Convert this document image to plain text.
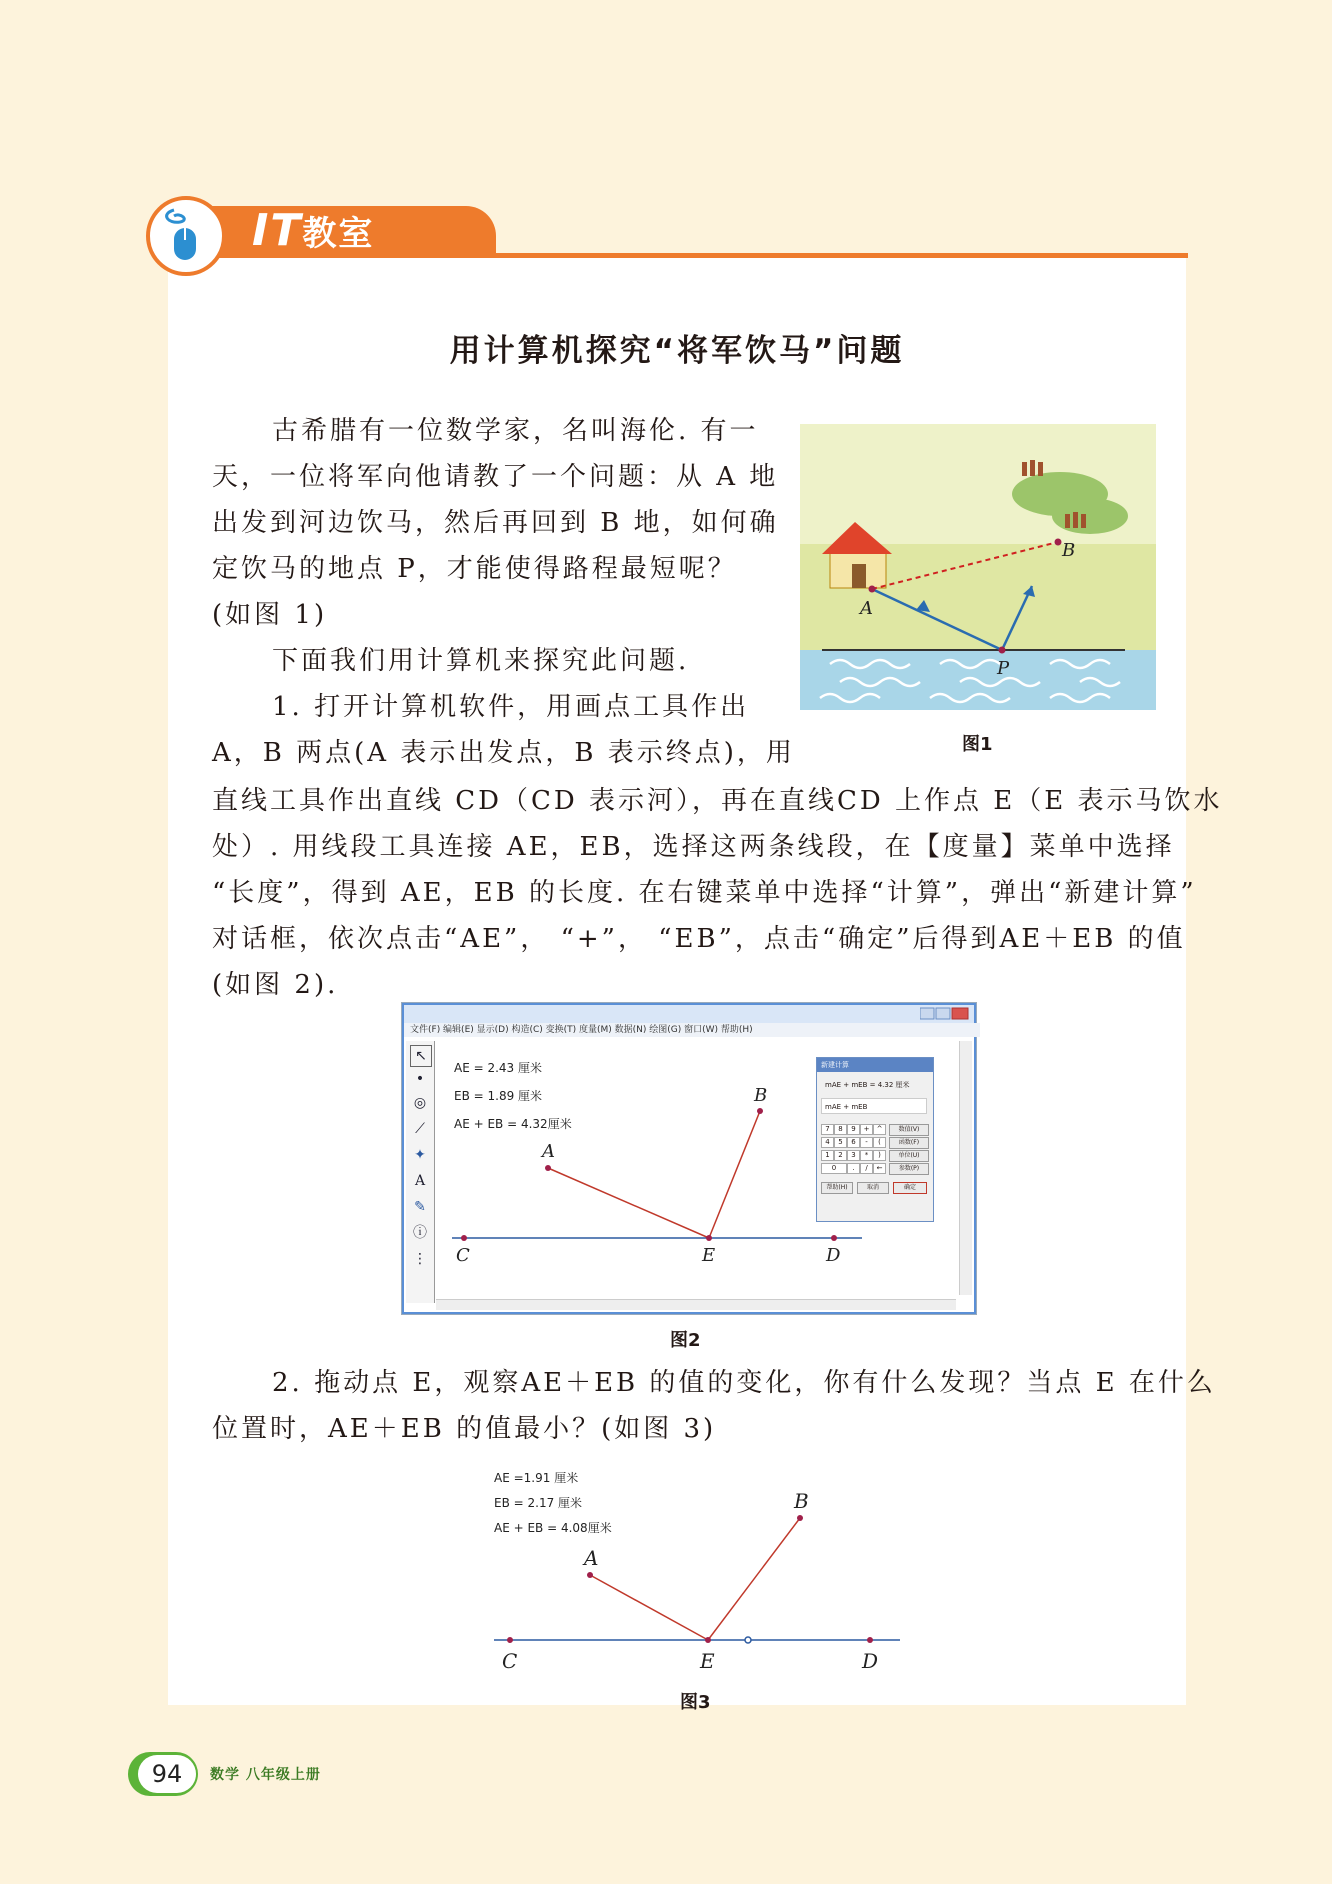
IT教室
用计算机探究“将军饮马”问题
古希腊有一位数学家，名叫海伦. 有一
天，一位将军向他请教了一个问题：从 A 地
出发到河边饮马，然后再回到 B 地，如何确
定饮马的地点 P，才能使得路程最短呢？
(如图 1)
下面我们用计算机来探究此问题.
1. 打开计算机软件，用画点工具作出
A，B 两点(A 表示出发点，B 表示终点)，用
A
B
P
图1
直线工具作出直线 CD（CD 表示河），再在直线CD 上作点 E（E 表示马饮水
处）. 用线段工具连接 AE，EB，选择这两条线段，在【度量】菜单中选择
“长度”，得到 AE，EB 的长度. 在右键菜单中选择“计算”，弹出“新建计算”
对话框，依次点击“AE”， “+”， “EB”，点击“确定”后得到AE＋EB 的值
(如图 2).
文件(F) 编辑(E) 显示(D) 构造(C) 变换(T) 度量(M) 数据(N) 绘图(G) 窗口(W) 帮助(H)
↖
•
◎
⟋
✦
A
✎
ⓘ
⋮
AE = 2.43 厘米
EB = 1.89 厘米
AE + EB = 4.32厘米
A
B
C	E	D
新建计算
mAE + mEB = 4.32 厘米
mAE + mEB
7	8	9	+	^
4	5	6	-	(
1	2	3	*	)
0	.	/	←
数值(V)
函数(F)
单位(U)
参数(P)
帮助(H)	取消	确定
图2
2. 拖动点 E，观察AE＋EB 的值的变化，你有什么发现？当点 E 在什么
位置时，AE＋EB 的值最小？(如图 3)
AE =1.91 厘米
EB = 2.17 厘米
AE + EB = 4.08厘米
A
B
C	E	D
图3
94	数学 八年级上册
